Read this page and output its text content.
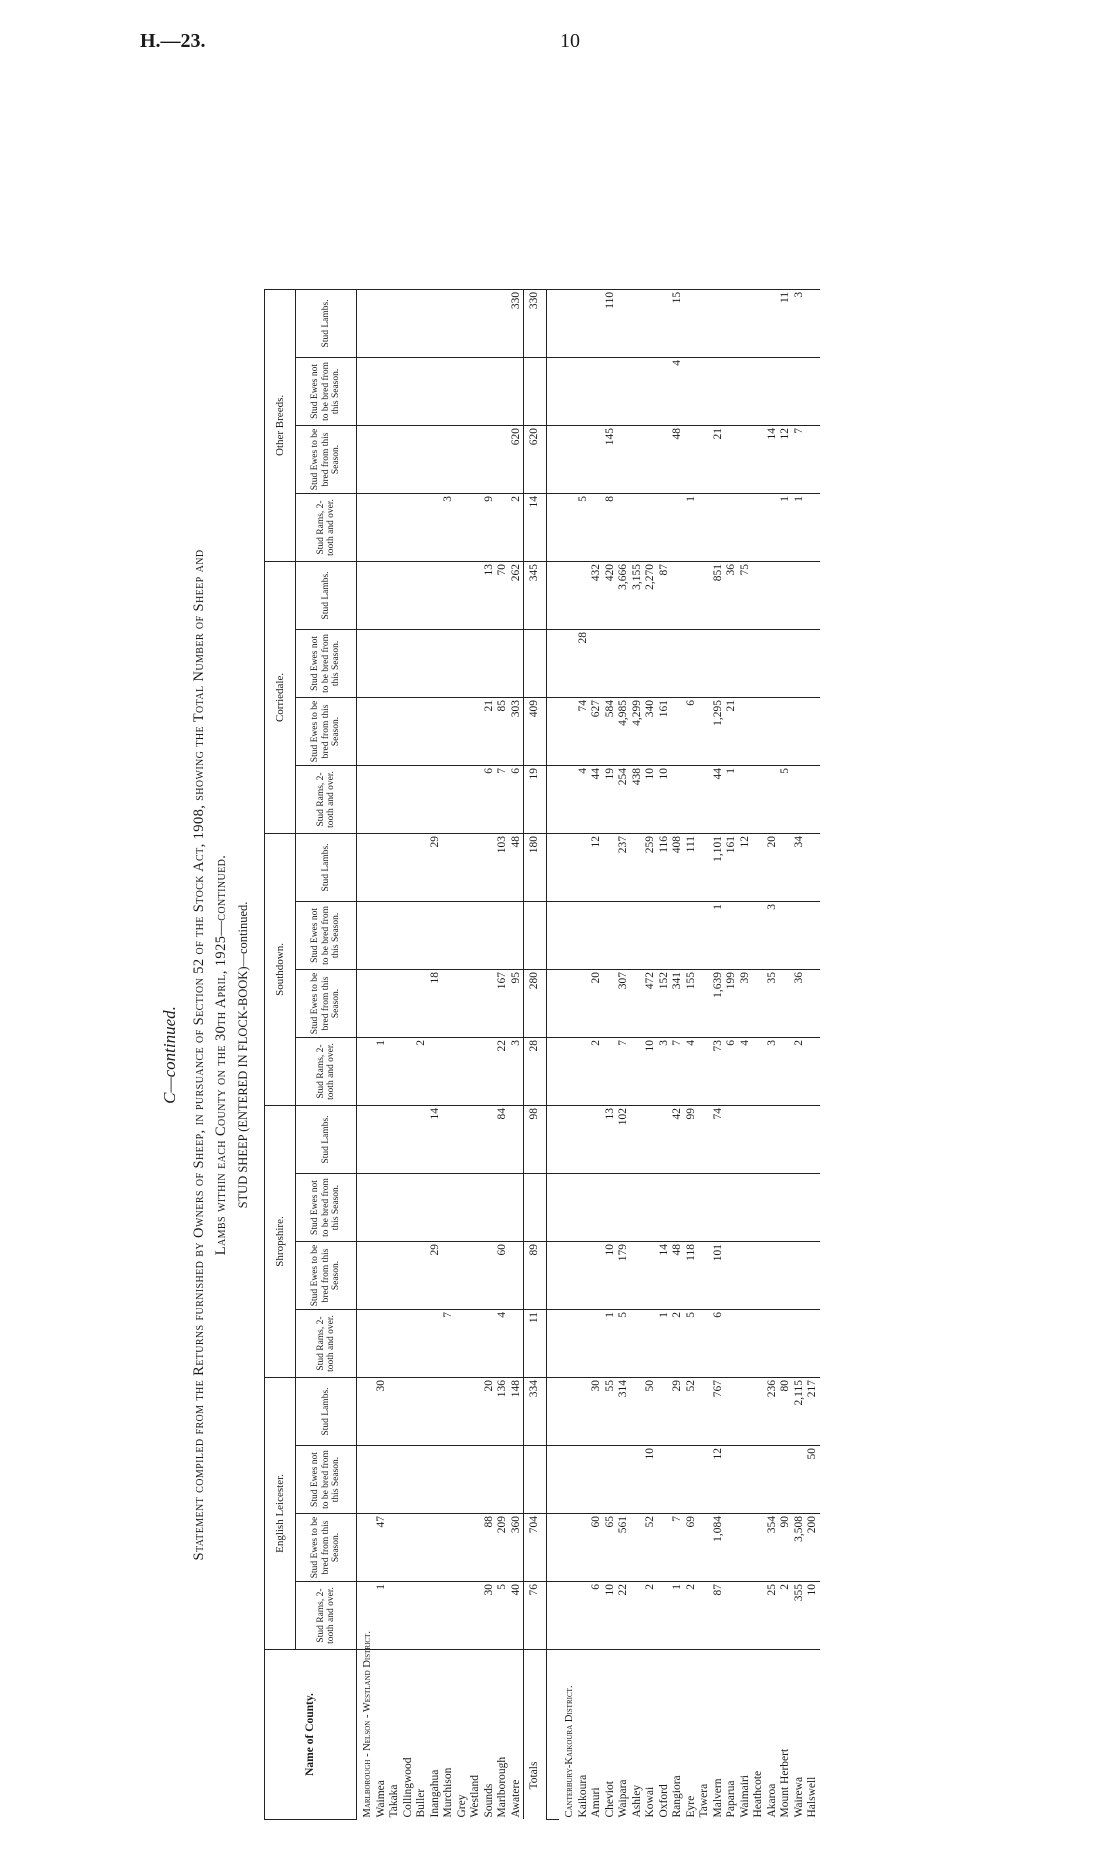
H.—23.	10
C—continued. Statement compiled from the Returns furnished by Owners of Sheep, in pursuance of Section 52 of the Stock Act, 1908, showing the Total Number of Sheep and Lambs within each County on the 30th April, 1925—continued. STUD SHEEP (ENTERED IN FLOCK-BOOK)—continued.
Name of County.	English Leicester.				Shropshire.				Southdown.				Corriedale.				Other Breeds.			
	Stud Rams, 2-tooth and over.	Stud Ewes to be bred from this Season.	Stud Ewes not to be bred from this Season.	Stud Lambs.	Stud Rams, 2-tooth and over.	Stud Ewes to be bred from this Season.	Stud Ewes not to be bred from this Season.	Stud Lambs.	Stud Rams, 2-tooth and over.	Stud Ewes to be bred from this Season.	Stud Ewes not to be bred from this Season.	Stud Lambs.	Stud Rams, 2-tooth and over.	Stud Ewes to be bred from this Season.	Stud Ewes not to be bred from this Season.	Stud Lambs.	Stud Rams, 2-tooth and over.	Stud Ewes to be bred from this Season.	Stud Ewes not to be bred from this Season.	Stud Lambs.
Marlborough - Nelson - Westland District.																				
Waimea	1	47		30					1											
Takaka																				
Collingwood																				
Buller									2											
Inangahua						29		14		18		29								
Murchison					7												3			
Grey																				
Westland																				
Sounds	30	88		20									6	21		13	9			
Marlborough	5	209		136	4	60		84	22	167		103	7	85		70				
Awatere	40	360		148					3	95		48	6	303		262	2	620		330
Totals	76	704		334	11	89		98	28	280		180	19	409		345	14	620		330

Canterbury-Kaikoura District.																				
Kaikoura													4	74	28		5			
Amuri	6	60		30					2	20		12	44	627		432				
Cheviot	10	65		55	1	10		13					19	584		420	8	145		110
Waipara	22	561		314	5	179		102	7	307		237	254	4,985		3,666				
Ashley													438	4,299		3,155				
Kowai	2	52	10	50					10	472		259	10	340		2,270				
Oxford					1	14			3	152		116	10	161		87				
Rangiora	1	7		29	2	48		42	7	341		408						48	4	15
Eyre	2	69		52	5	118		99	4	155		111		6			1			
Tawera																				
Malvern	87	1,084	12	767	6	101		74	73	1,639	1	1,101	44	1,295		851		21		
Paparua									6	199		161	1	21		36				
Waimairi									4	39		12				75				
Heathcote																				
Akaroa	25	354		236					3	35	3	20						14		
Mount Herbert	2	90		80									5				1	12		11
Wairewa	355	3,508		2,115					2	36		34					1	7		3
Halswell	10	200	50	217																
